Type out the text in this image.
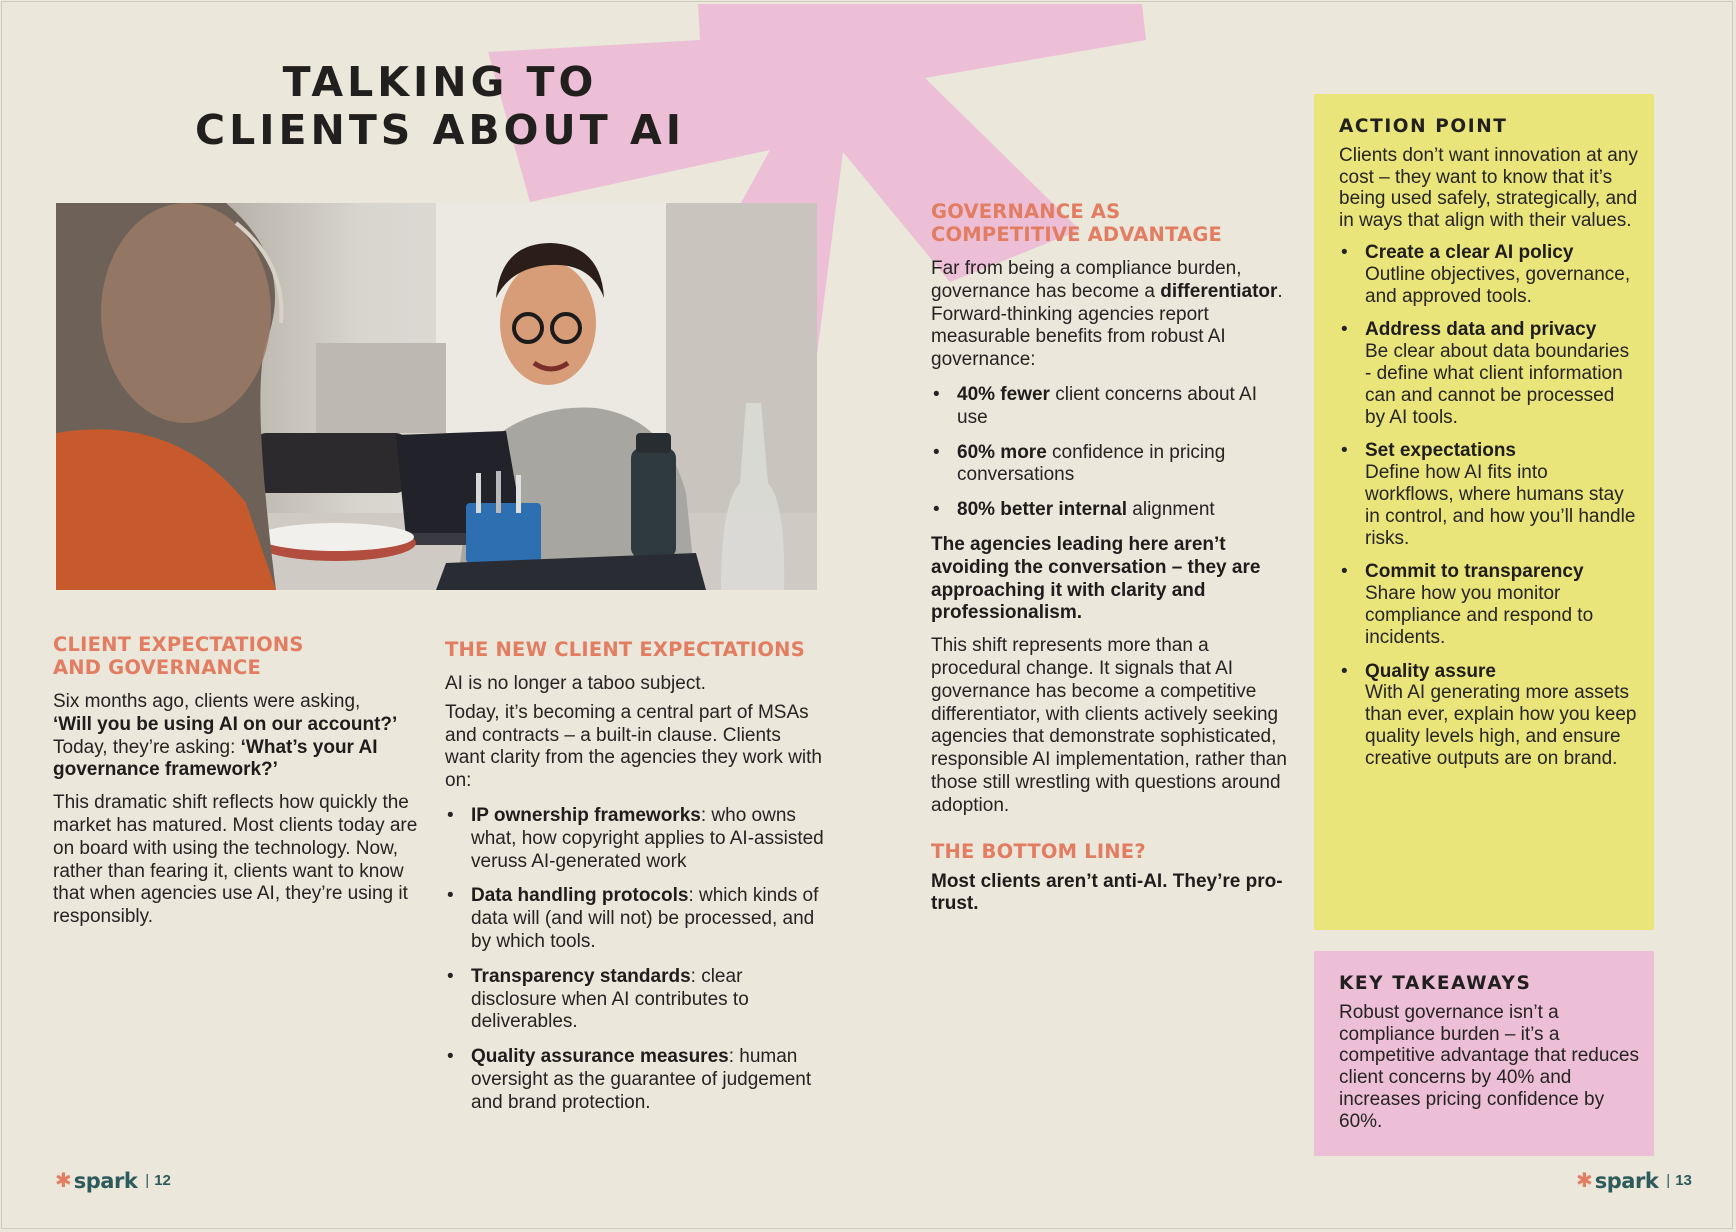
TALKING TO
CLIENTS ABOUT AI
CLIENT EXPECTATIONS
AND GOVERNANCE

Six months ago, clients were asking,
‘Will you be using AI on our account?’
Today, they’re asking: ‘What’s your AI governance framework?’

This dramatic shift reflects how quickly the market has matured. Most clients today are on board with using the technology. Now, rather than fearing it, clients want to know that when agencies use AI, they’re using it responsibly.

THE NEW CLIENT EXPECTATIONS

AI is no longer a taboo subject.

Today, it’s becoming a central part of MSAs and contracts – a built-in clause. Clients want clarity from the agencies they work with on:

• IP ownership frameworks: who owns what, how copyright applies to AI-assisted veruss AI-generated work
• Data handling protocols: which kinds of data will (and will not) be processed, and by which tools.
• Transparency standards: clear disclosure when AI contributes to deliverables.
• Quality assurance measures: human oversight as the guarantee of judgement and brand protection.
GOVERNANCE AS
COMPETITIVE ADVANTAGE

Far from being a compliance burden, governance has become a differentiator. Forward-thinking agencies report measurable benefits from robust AI governance:

• 40% fewer client concerns about AI use
• 60% more confidence in pricing conversations
• 80% better internal alignment

The agencies leading here aren’t avoiding the conversation – they are approaching it with clarity and professionalism.

This shift represents more than a procedural change. It signals that AI governance has become a competitive differentiator, with clients actively seeking agencies that demonstrate sophisticated, responsible AI implementation, rather than those still wrestling with questions around adoption.

THE BOTTOM LINE?

Most clients aren’t anti-AI. They’re pro-trust.

ACTION POINT

Clients don’t want innovation at any cost – they want to know that it’s being used safely, strategically, and in ways that align with their values.

• Create a clear AI policy
Outline objectives, governance, and approved tools.
• Address data and privacy
Be clear about data boundaries - define what client information can and cannot be processed by AI tools.
• Set expectations
Define how AI fits into workflows, where humans stay in control, and how you’ll handle risks.
• Commit to transparency
Share how you monitor compliance and respond to incidents.
• Quality assure
With AI generating more assets than ever, explain how you keep quality levels high, and ensure creative outputs are on brand.
KEY TAKEAWAYS

Robust governance isn’t a compliance burden – it’s a competitive advantage that reduces client concerns by 40% and increases pricing confidence by 60%.

✱ spark | 12	✱ spark | 13
